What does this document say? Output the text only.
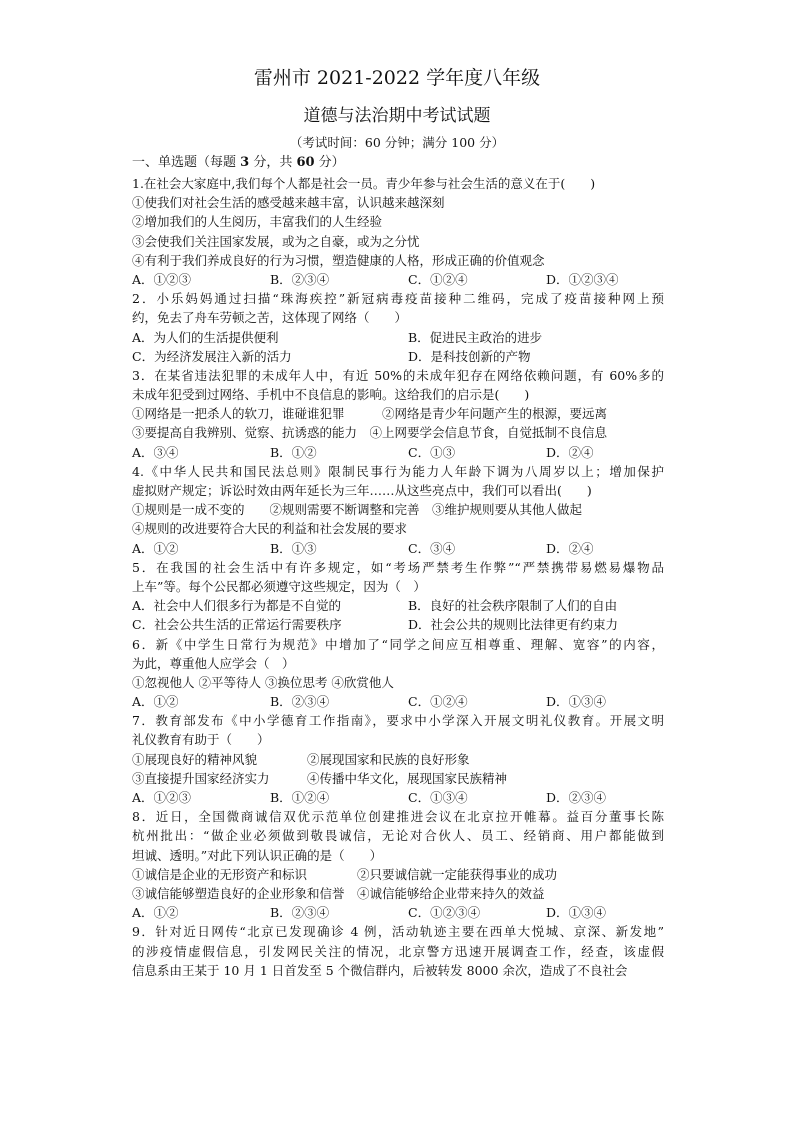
雷州市 2021-2022 学年度八年级
道德与法治期中考试试题
（考试时间：60 分钟；满分 100 分）
一、单选题（每题 3 分，共 60 分）
1.在社会大家庭中,我们每个人都是社会一员。青少年参与社会生活的意义在于(　　)
①使我们对社会生活的感受越来越丰富，认识越来越深刻
②增加我们的人生阅历，丰富我们的人生经验
③会使我们关注国家发展，或为之自豪，或为之分忧
④有利于我们养成良好的行为习惯，塑造健康的人格，形成正确的价值观念
A．①②③	B．②③④	C．①②④	D．①②③④
2．小乐妈妈通过扫描“珠海疾控”新冠病毒疫苗接种二维码，完成了疫苗接种网上预
约，免去了舟车劳顿之苦，这体现了网络（　　）
A．为人们的生活提供便利	B．促进民主政治的进步
C．为经济发展注入新的活力	D．是科技创新的产物
3．在某省违法犯罪的未成年人中，有近 50%的未成年犯存在网络依赖问题，有 60%多的
未成年犯受到过网络、手机中不良信息的影响。这给我们的启示是(　　)
①网络是一把杀人的软刀，谁碰谁犯罪　　　②网络是青少年问题产生的根源，要远离
③要提高自我辨别、觉察、抗诱惑的能力　④上网要学会信息节食，自觉抵制不良信息
A．③④	B．①②	C．①③	D．②④
4.《中华人民共和国民法总则》限制民事行为能力人年龄下调为八周岁以上；增加保护
虚拟财产规定；诉讼时效由两年延长为三年……从这些亮点中，我们可以看出(　　)
①规则是一成不变的　　②规则需要不断调整和完善　③维护规则要从其他人做起
④规则的改进要符合大民的利益和社会发展的要求
A．①②	B．①③	C．③④	D．②④
5．在我国的社会生活中有许多规定，如“考场严禁考生作弊”“严禁携带易燃易爆物品
上车”等。每个公民都必须遵守这些规定，因为（　）
A．社会中人们很多行为都是不自觉的	B．良好的社会秩序限制了人们的自由
C．社会公共生活的正常运行需要秩序	D．社会公共的规则比法律更有约束力
6．新《中学生日常行为规范》中增加了“同学之间应互相尊重、理解、宽容”的内容，
为此，尊重他人应学会（　）
①忽视他人 ②平等待人 ③换位思考 ④欣赏他人
A．①②	B．②③④	C．①②④	D．①③④
7．教育部发布《中小学德育工作指南》，要求中小学深入开展文明礼仪教育。开展文明
礼仪教育有助于（　　）
①展现良好的精神风貌　　　　②展现国家和民族的良好形象
③直接提升国家经济实力　　　④传播中华文化，展现国家民族精神
A．①②③	B．①②④	C．①③④	D．②③④
8．近日，全国微商诚信双优示范单位创建推进会议在北京拉开帷幕。益百分董事长陈
杭州批出：“做企业必须做到敬畏诚信，无论对合伙人、员工、经销商、用户都能做到
坦诚、透明。”对此下列认识正确的是（　　）
①诚信是企业的无形资产和标识　　　　②只要诚信就一定能获得事业的成功
③诚信能够塑造良好的企业形象和信誉　④诚信能够给企业带来持久的效益
A．①②	B．②③④	C．①②③④	D．①③④
9．针对近日网传“北京已发现确诊 4 例，活动轨迹主要在西单大悦城、京深、新发地”
的涉疫情虚假信息，引发网民关注的情况，北京警方迅速开展调查工作，经查，该虚假
信息系由王某于 10 月 1 日首发至 5 个微信群内，后被转发 8000 余次，造成了不良社会
